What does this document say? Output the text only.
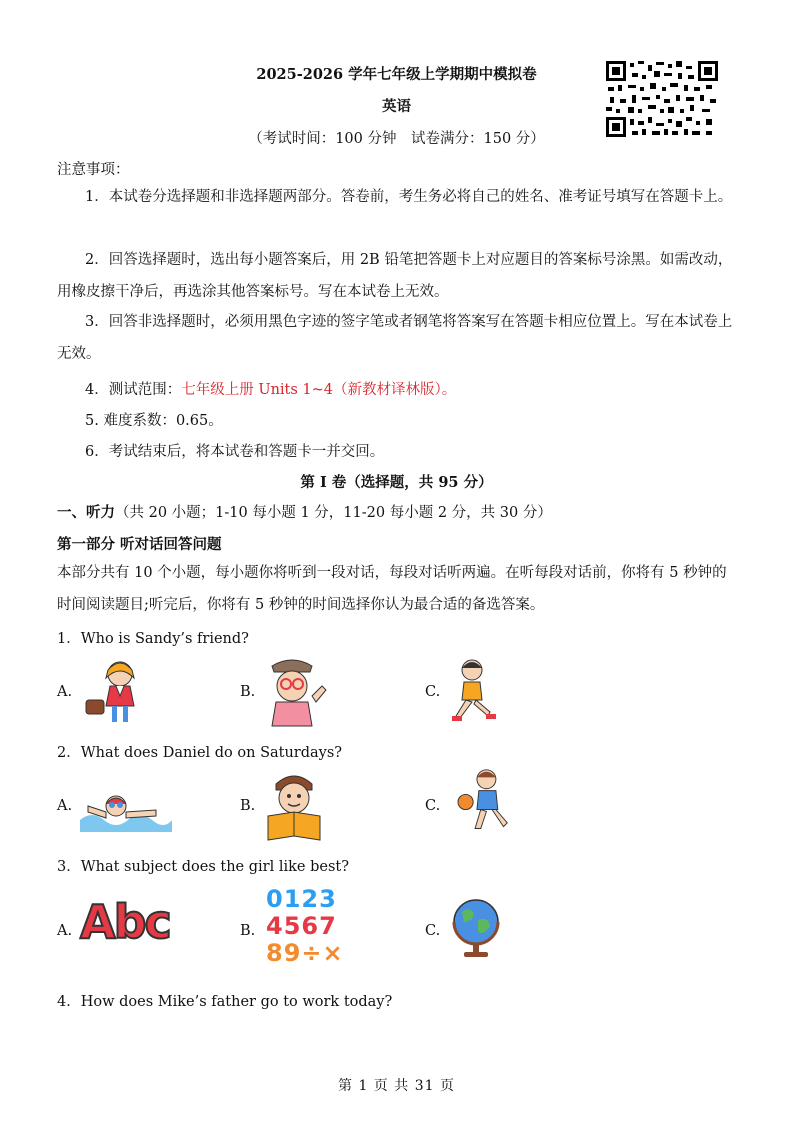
2025-2026 学年七年级上学期期中模拟卷
英语
（考试时间：100 分钟　试卷满分：150 分）
注意事项：
1．本试卷分选择题和非选择题两部分。答卷前，考生务必将自己的姓名、准考证号填写在答题卡上。
2．回答选择题时，选出每小题答案后，用 2B 铅笔把答题卡上对应题目的答案标号涂黑。如需改动，用橡皮擦干净后，再选涂其他答案标号。写在本试卷上无效。
3．回答非选择题时，必须用黑色字迹的签字笔或者钢笔将答案写在答题卡相应位置上。写在本试卷上无效。
4．测试范围：七年级上册 Units 1~4（新教材译林版）。
5. 难度系数：0.65。
6．考试结束后，将本试卷和答题卡一并交回。
第 I 卷（选择题，共 95 分）
一、听力（共 20 小题；1-10 每小题 1 分，11-20 每小题 2 分，共 30 分）
第一部分 听对话回答问题
本部分共有 10 个小题，每小题你将听到一段对话，每段对话听两遍。在听每段对话前，你将有 5 秒钟的时间阅读题目;听完后，你将有 5 秒钟的时间选择你认为最合适的备选答案。
1．Who is Sandy’s friend?
A.	B.	C.
2．What does Daniel do on Saturdays?
A.	B.	C.
3．What subject does the girl like best?
A. Abc	B.
0123
4567
89÷×
C.
4．How does Mike’s father go to work today?
第 1 页 共 31 页
